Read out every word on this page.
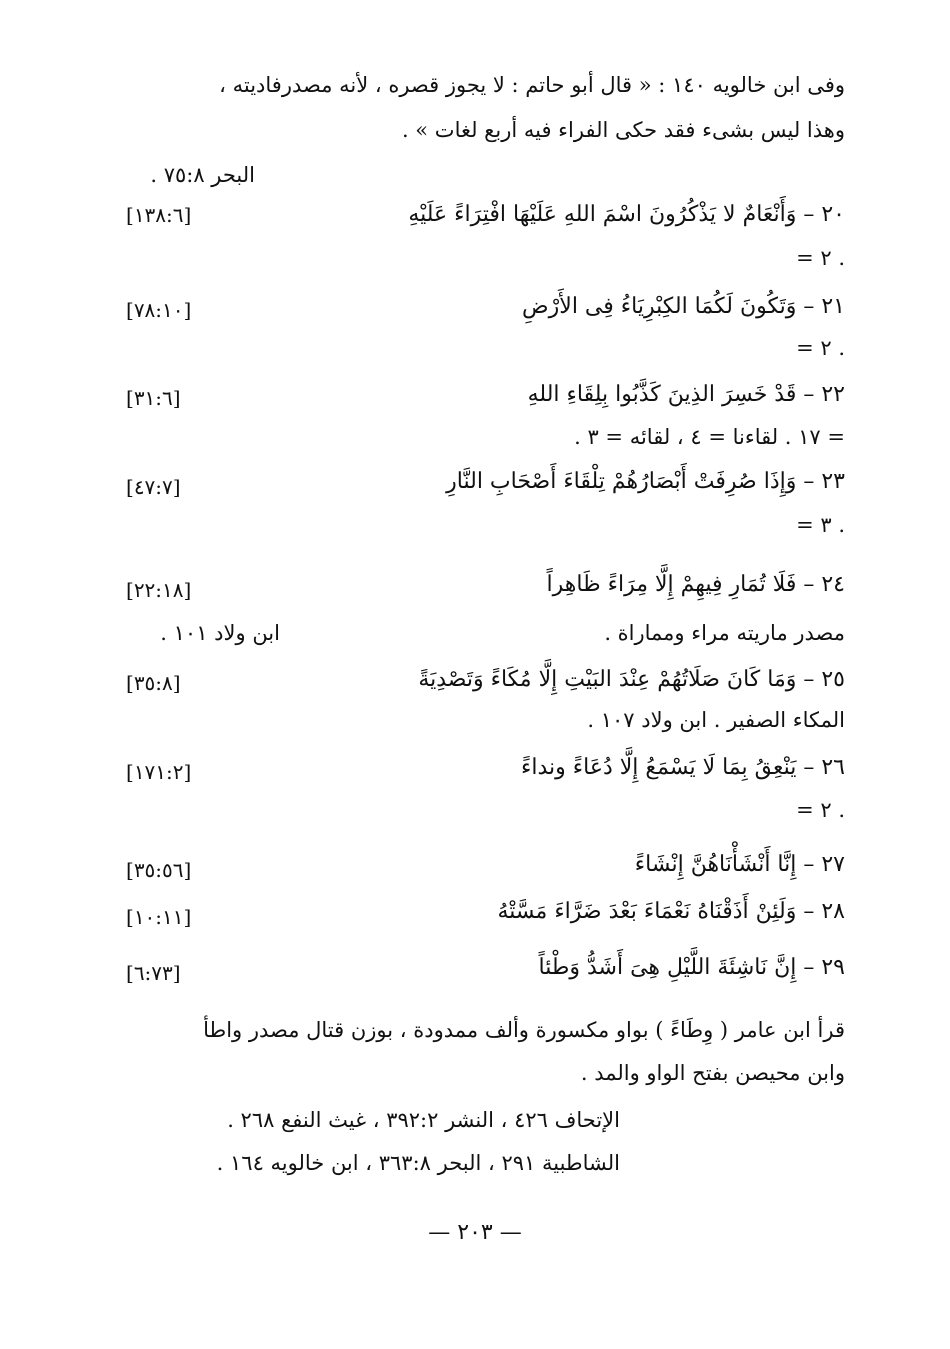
وفى ابن خالويه ١٤٠ : « قال أبو حاتم : لا يجوز قصره ، لأنه مصدرفاديته ،
وهذا ليس بشىء فقد حكى الفراء فيه أربع لغات » .
البحر ٧٥:٨ .
٢٠ – وَأَنْعَامٌ لا يَذْكُرُونَ اسْمَ اللهِ عَلَيْهَا افْتِرَاءً عَلَيْهِ
[١٣٨:٦]
. ٢ =
٢١ – وَتَكُونَ لَكُمَا الكِبْرِيَاءُ فِى الأَرْضِ
[٧٨:١٠]
. ٢ =
٢٢ – قَدْ خَسِرَ الذِينَ كَذَّبُوا بِلِقَاءِ اللهِ
[٣١:٦]
= ١٧ . لقاءنا = ٤ ، لقائه = ٣ .
٢٣ – وَإِذَا صُرِفَتْ أَبْصَارُهُمْ تِلْقَاءَ أَصْحَابِ النَّارِ
[٤٧:٧]
. ٣ =
٢٤ – فَلَا تُمَارِ فِيهِمْ إِلَّا مِرَاءً ظَاهِراً
[٢٢:١٨]
مصدر ماريته مراء ومماراة .
ابن ولاد ١٠١ .
٢٥ – وَمَا كَانَ صَلَاتُهُمْ عِنْدَ البَيْتِ إِلَّا مُكَاءً وَتَصْدِيَةً
[٣٥:٨]
المكاء الصفير . ابن ولاد ١٠٧ .
٢٦ – يَنْعِقُ بِمَا لَا يَسْمَعُ إِلَّا دُعَاءً ونداءً
[١٧١:٢]
. ٢ =
٢٧ – إِنَّا أَنْشَأْنَاهُنَّ إِنْشَاءً
[٣٥:٥٦]
٢٨ – وَلَئِنْ أَذَقْنَاهُ نَعْمَاءَ بَعْدَ ضَرَّاءَ مَسَّتْهُ
[١٠:١١]
٢٩ – إِنَّ نَاشِئَةَ اللَّيْلِ هِىَ أَشَدُّ وَطْئاً
[٦:٧٣]
قرأ ابن عامر ( وِطَاءً ) بواو مكسورة وألف ممدودة ، بوزن قتال مصدر واطأ
وابن محيصن بفتح الواو والمد .
الإتحاف ٤٢٦ ، النشر ٣٩٢:٢ ، غيث النفع ٢٦٨ .
الشاطبية ٢٩١ ، البحر ٣٦٣:٨ ، ابن خالويه ١٦٤ .
— ٢٠٣ —
